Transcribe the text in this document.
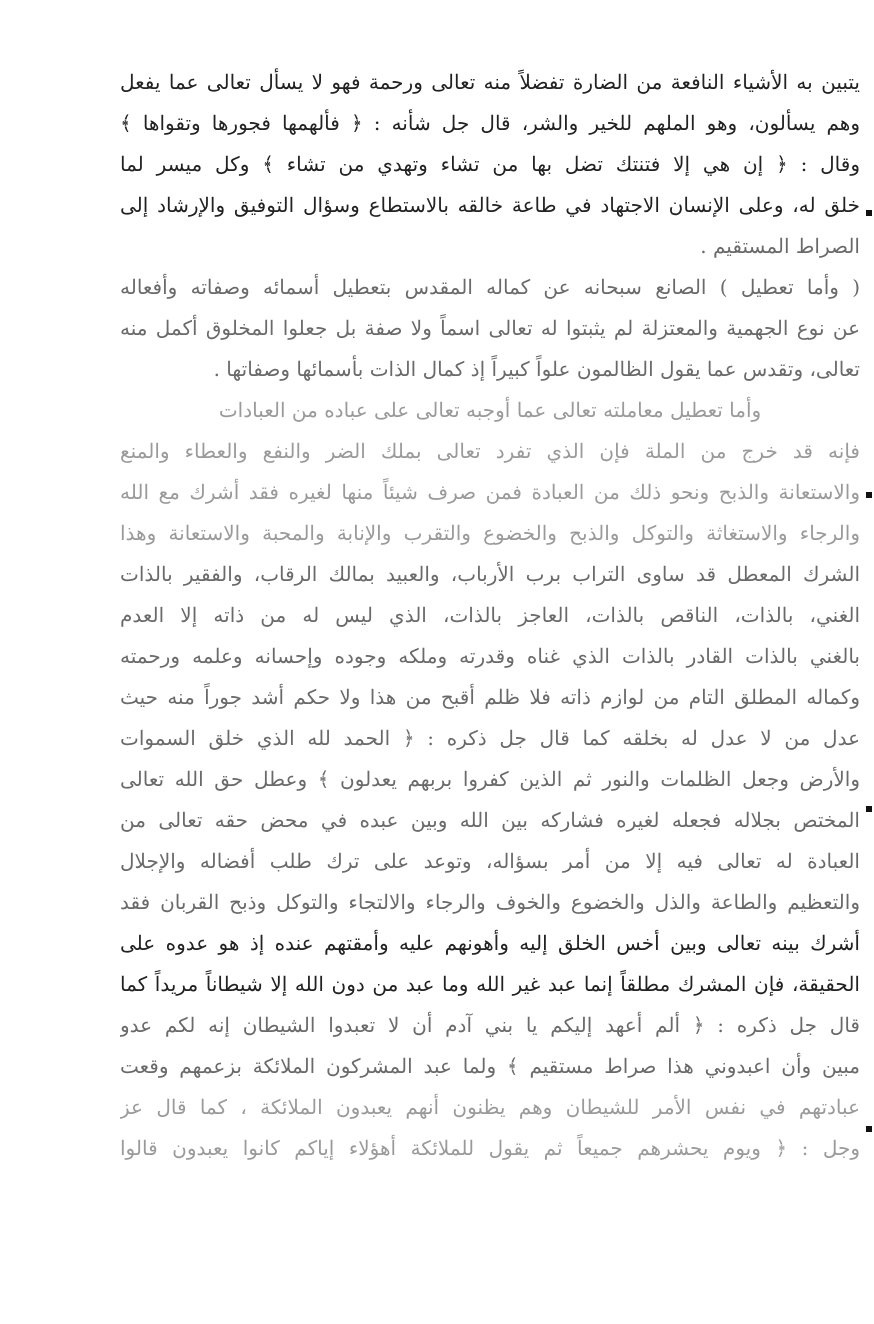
يتبين به الأشياء النافعة من الضارة تفضلاً منه تعالى ورحمة فهو لا يسأل تعالى عما يفعل
وهم يسألون، وهو الملهم للخير والشر، قال جل شأنه : ﴿ فألهمها فجورها وتقواها ﴾
وقال : ﴿ إن هي إلا فتنتك تضل بها من تشاء وتهدي من تشاء ﴾ وكل ميسر لما
خلق له، وعلى الإنسان الاجتهاد في طاعة خالقه بالاستطاع وسؤال التوفيق والإرشاد إلى
الصراط المستقيم .
( وأما تعطيل ) الصانع سبحانه عن كماله المقدس بتعطيل أسمائه وصفاته وأفعاله
عن نوع الجهمية والمعتزلة لم يثبتوا له تعالى اسماً ولا صفة بل جعلوا المخلوق أكمل منه
تعالى، وتقدس عما يقول الظالمون علواً كبيراً إذ كمال الذات بأسمائها وصفاتها .
وأما تعطيل معاملته تعالى عما أوجبه تعالى على عباده من العبادات
فإنه قد خرج من الملة فإن الذي تفرد تعالى بملك الضر والنفع والعطاء والمنع
والاستعانة والذبح ونحو ذلك من العبادة فمن صرف شيئاً منها لغيره فقد أشرك مع الله
والرجاء والاستغاثة والتوكل والذبح والخضوع والتقرب والإنابة والمحبة والاستعانة وهذا
الشرك المعطل قد ساوى التراب برب الأرباب، والعبيد بمالك الرقاب، والفقير بالذات
الغني، بالذات، الناقص بالذات، العاجز بالذات، الذي ليس له من ذاته إلا العدم
بالغني بالذات القادر بالذات الذي غناه وقدرته وملكه وجوده وإحسانه وعلمه ورحمته
وكماله المطلق التام من لوازم ذاته فلا ظلم أقبح من هذا ولا حكم أشد جوراً منه حيث
عدل من لا عدل له بخلقه كما قال جل ذكره : ﴿ الحمد لله الذي خلق السموات
والأرض وجعل الظلمات والنور ثم الذين كفروا بربهم يعدلون ﴾ وعطل حق الله تعالى
المختص بجلاله فجعله لغيره فشاركه بين الله وبين عبده في محض حقه تعالى من
العبادة له تعالى فيه إلا من أمر بسؤاله، وتوعد على ترك طلب أفضاله والإجلال
والتعظيم والطاعة والذل والخضوع والخوف والرجاء والالتجاء والتوكل وذبح القربان فقد
أشرك بينه تعالى وبين أخس الخلق إليه وأهونهم عليه وأمقتهم عنده إذ هو عدوه على
الحقيقة، فإن المشرك مطلقاً إنما عبد غير الله وما عبد من دون الله إلا شيطاناً مريداً كما
قال جل ذكره : ﴿ ألم أعهد إليكم يا بني آدم أن لا تعبدوا الشيطان إنه لكم عدو
مبين وأن اعبدوني هذا صراط مستقيم ﴾ ولما عبد المشركون الملائكة بزعمهم وقعت
عبادتهم في نفس الأمر للشيطان وهم يظنون أنهم يعبدون الملائكة ، كما قال عز
وجل : ﴿ ويوم يحشرهم جميعاً ثم يقول للملائكة أهؤلاء إياكم كانوا يعبدون قالوا
